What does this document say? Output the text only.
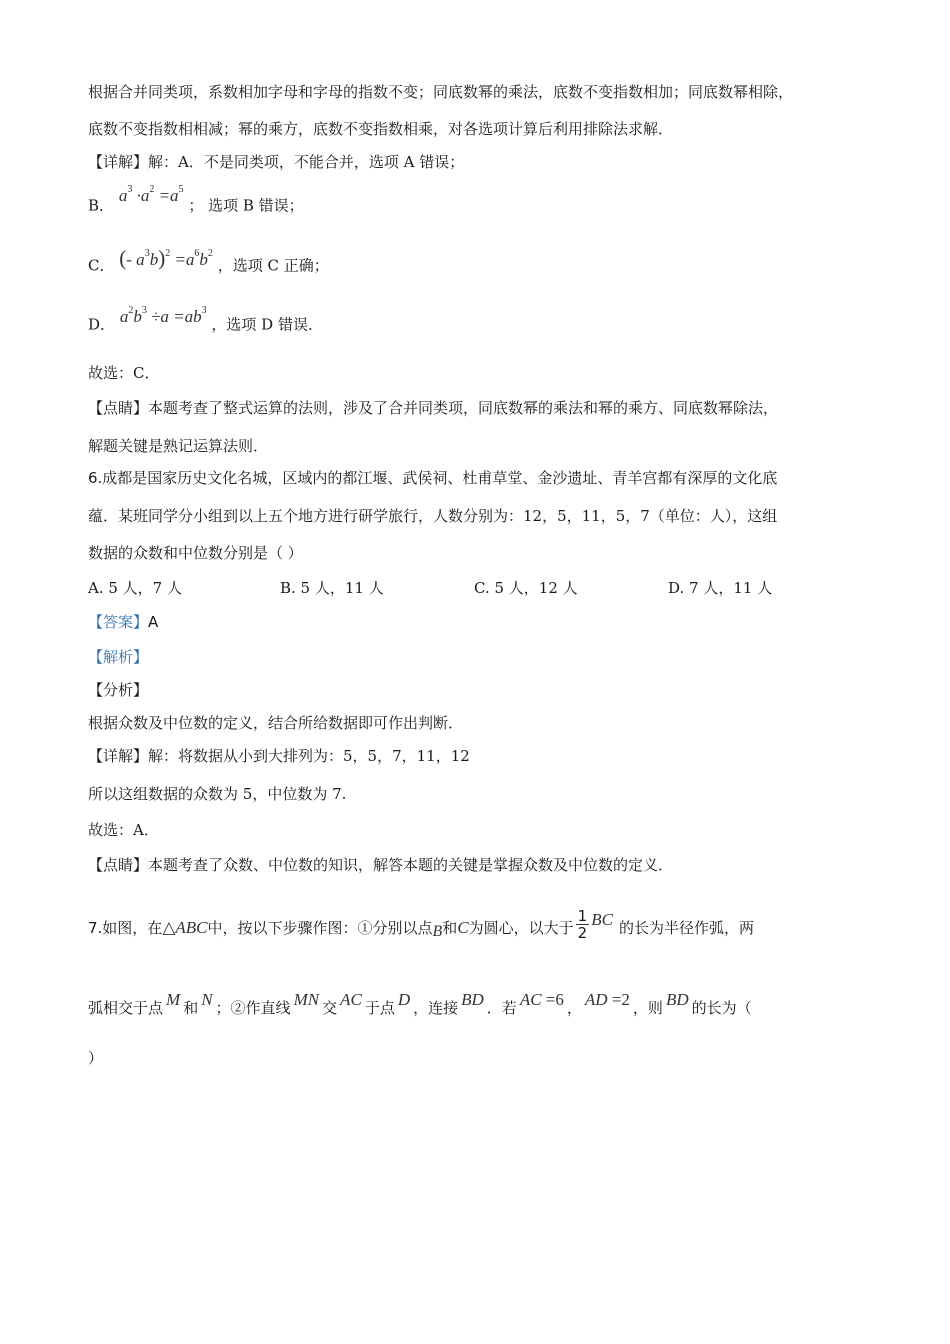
根据合并同类项，系数相加字母和字母的指数不变；同底数幂的乘法，底数不变指数相加；同底数幂相除，
底数不变指数相相减；幂的乘方，底数不变指数相乘，对各选项计算后利用排除法求解．
【详解】解：A．不是同类项，不能合并，选项 A 错误；
B． $a^3 \cdot a^2 =a^5$ ； 选项 B 错误；
C． (- $a^3b)^2 =a^6b^2$ ，选项 C 正确；
D． $a^2b^3 \div a =ab^3$ ，选项 D 错误．
故选：C．
【点睛】本题考查了整式运算的法则，涉及了合并同类项，同底数幂的乘法和幂的乘方、同底数幂除法，
解题关键是熟记运算法则．
6.成都是国家历史文化名城，区域内的都江堰、武侯祠、杜甫草堂、金沙遗址、青羊宫都有深厚的文化底
蕴．某班同学分小组到以上五个地方进行研学旅行，人数分别为：12，5，11，5，7（单位：人），这组
数据的众数和中位数分别是（ ）
A. 5 人，7 人	B. 5 人，11 人	C. 5 人，12 人	D. 7 人，11 人
【答案】A
【解析】
【分析】
根据众数及中位数的定义，结合所给数据即可作出判断．
【详解】解：将数据从小到大排列为：5，5，7，11，12
所以这组数据的众数为 5，中位数为 7.
故选：A．
【点睛】本题考查了众数、中位数的知识，解答本题的关键是掌握众数及中位数的定义．
7.如图，在△ABC中，按以下步骤作图：①分别以点B和C为圆心，以大于 $\frac{1}{2}$ BC 的长为半径作弧，两
弧相交于点 M 和 N ；②作直线 MN 交 AC 于点 D ，连接 BD ．若 AC =6 ， AD =2 ，则 BD 的长为（
）
